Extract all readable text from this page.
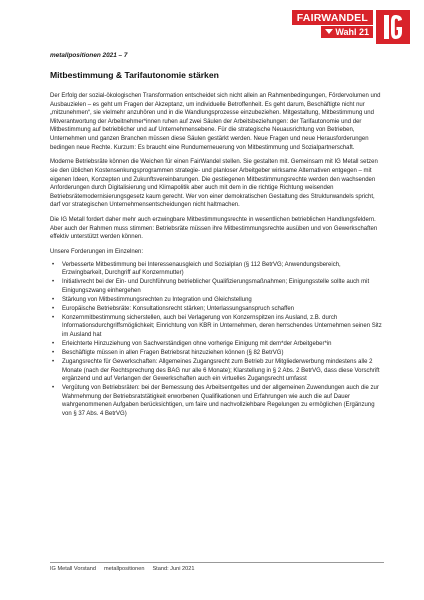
FAIRWANDEL
Wahl 21
metallpositionen 2021 – 7
Mitbestimmung & Tarifautonomie stärken

Der Erfolg der sozial-ökologischen Transformation entscheidet sich nicht allein an Rahmenbedingungen, Fördervolumen und Ausbauzielen – es geht um Fragen der Akzeptanz, um individuelle Betroffenheit. Es geht darum, Beschäftigte nicht nur „mitzunehmen“, sie vielmehr anzuhören und in die Wandlungsprozesse einzubeziehen. Mitgestaltung, Mitbestimmung und Mitverantwortung der Arbeitnehmer*innen ruhen auf zwei Säulen der Arbeitsbeziehungen: der Tarifautonomie und der Mitbestimmung auf betrieblicher und auf Unternehmensebene. Für die strategische Neuausrichtung von Betrieben, Unternehmen und ganzen Branchen müssen diese Säulen gestärkt werden. Neue Fragen und neue Herausforderungen bedingen neue Rechte. Kurzum: Es braucht eine Rundumerneuerung von Mitbestimmung und Sozialpartnerschaft.

Moderne Betriebsräte können die Weichen für einen FairWandel stellen. Sie gestalten mit. Gemeinsam mit IG Metall setzen sie den üblichen Kostensenkungsprogrammen strategie- und planloser Arbeitgeber wirksame Alternativen entgegen – mit eigenen Ideen, Konzepten und Zukunftsvereinbarungen. Die gestiegenen Mitbestimmungsrechte werden den wachsenden Anforderungen durch Digitalisierung und Klimapolitik aber auch mit dem in die richtige Richtung weisenden Betriebsrätemodernisierungsgesetz kaum gerecht. Wer von einer demokratischen Gestaltung des Strukturwandels spricht, darf vor strategischen Unternehmensentscheidungen nicht haltmachen.

Die IG Metall fordert daher mehr auch erzwingbare Mitbestimmungsrechte in wesentlichen betrieblichen Handlungsfeldern. Aber auch der Rahmen muss stimmen: Betriebsräte müssen ihre Mitbestimmungsrechte ausüben und von Gewerkschaften effektiv unterstützt werden können.

Unsere Forderungen im Einzelnen:

• Verbesserte Mitbestimmung bei Interessenausgleich und Sozialplan (§ 112 BetrVG; Anwendungsbereich, Erzwingbarkeit, Durchgriff auf Konzernmutter)
• Initiativrecht bei der Ein- und Durchführung betrieblicher Qualifizierungsmaßnahmen; Einigungsstelle sollte auch mit Einigungszwang einhergehen
• Stärkung von Mitbestimmungsrechten zu Integration und Gleichstellung
• Europäische Betriebsräte: Konsultationsrecht stärken; Unterlassungsanspruch schaffen
• Konzernmitbestimmung sicherstellen, auch bei Verlagerung von Konzernspitzen ins Ausland, z.B. durch Informationsdurchgriffsmöglichkeit; Einrichtung von KBR in Unternehmen, deren herrschendes Unternehmen seinen Sitz im Ausland hat
• Erleichterte Hinzuziehung von Sachverständigen ohne vorherige Einigung mit dem*der Arbeitgeber*in
• Beschäftigte müssen in allen Fragen Betriebsrat hinzuziehen können (§ 82 BetrVG)
• Zugangsrechte für Gewerkschaften: Allgemeines Zugangsrecht zum Betrieb zur Mitgliederwerbung mindestens alle 2 Monate (nach der Rechtsprechung des BAG nur alle 6 Monate); Klarstellung in § 2 Abs. 2 BetrVG, dass diese Vorschrift ergänzend und auf Verlangen der Gewerkschaften auch ein virtuelles Zugangsrecht umfasst
• Vergütung von Betriebsräten: bei der Bemessung des Arbeitsentgeltes und der allgemeinen Zuwendungen auch die zur Wahrnehmung der Betriebsratstätigkeit erworbenen Qualifikationen und Erfahrungen wie auch die auf Dauer wahrgenommenen Aufgaben berücksichtigen, um faire und nachvollziehbare Regelungen zu ermöglichen (Ergänzung von § 37 Abs. 4 BetrVG)
IG Metall Vorstand metallpositionen Stand: Juni 2021
